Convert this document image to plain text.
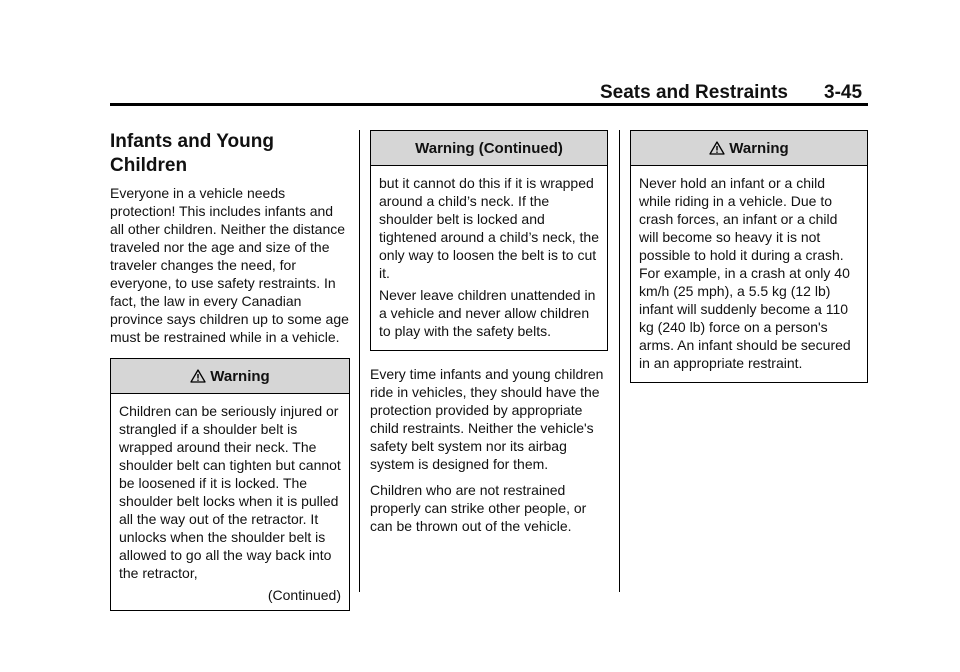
Seats and Restraints 3-45
Infants and Young Children

Everyone in a vehicle needs protection! This includes infants and all other children. Neither the distance traveled nor the age and size of the traveler changes the need, for everyone, to use safety restraints. In fact, the law in every Canadian province says children up to some age must be restrained while in a vehicle.

Warning

Children can be seriously injured or strangled if a shoulder belt is wrapped around their neck. The shoulder belt can tighten but cannot be loosened if it is locked. The shoulder belt locks when it is pulled all the way out of the retractor. It unlocks when the shoulder belt is allowed to go all the way back into the retractor,

(Continued)
Warning (Continued)

but it cannot do this if it is wrapped around a child’s neck. If the shoulder belt is locked and tightened around a child’s neck, the only way to loosen the belt is to cut it.

Never leave children unattended in a vehicle and never allow children to play with the safety belts.

Every time infants and young children ride in vehicles, they should have the protection provided by appropriate child restraints. Neither the vehicle's safety belt system nor its airbag system is designed for them.

Children who are not restrained properly can strike other people, or can be thrown out of the vehicle.

Warning

Never hold an infant or a child while riding in a vehicle. Due to crash forces, an infant or a child will become so heavy it is not possible to hold it during a crash. For example, in a crash at only 40 km/h (25 mph), a 5.5 kg (12 lb) infant will suddenly become a 110 kg (240 lb) force on a person's arms. An infant should be secured in an appropriate restraint.
